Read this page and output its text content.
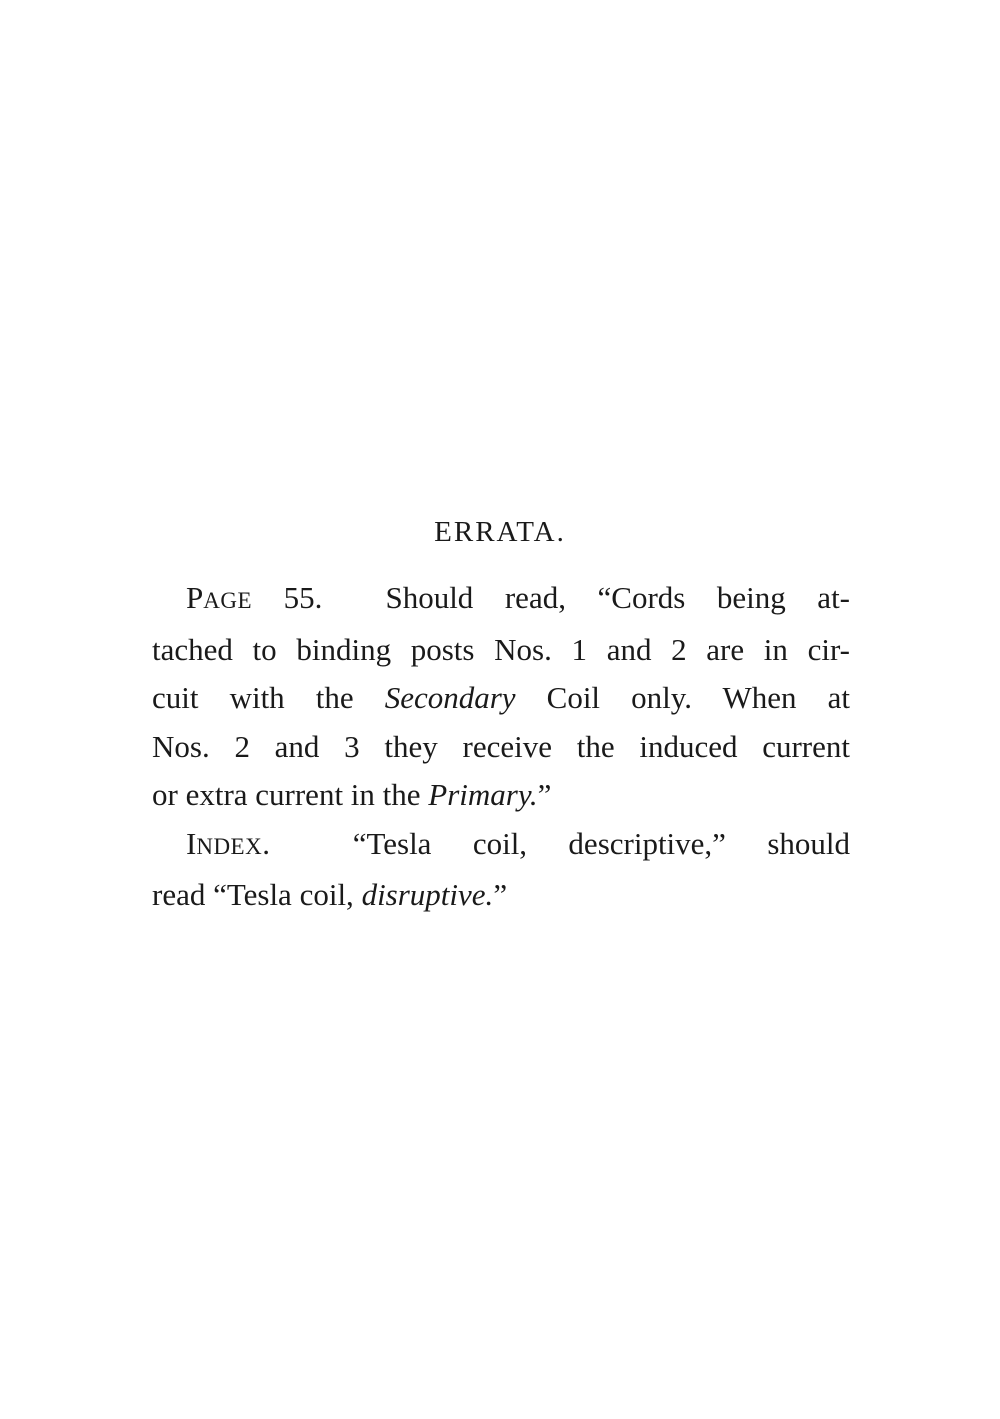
ERRATA.

PAGE 55. Should read, “Cords being at-
tached to binding posts Nos. 1 and 2 are in cir-
cuit with the Secondary Coil only. When at
Nos. 2 and 3 they receive the induced current
or extra current in the Primary.”

INDEX.	“Tesla coil, descriptive,” should
read “Tesla coil, disruptive.”
